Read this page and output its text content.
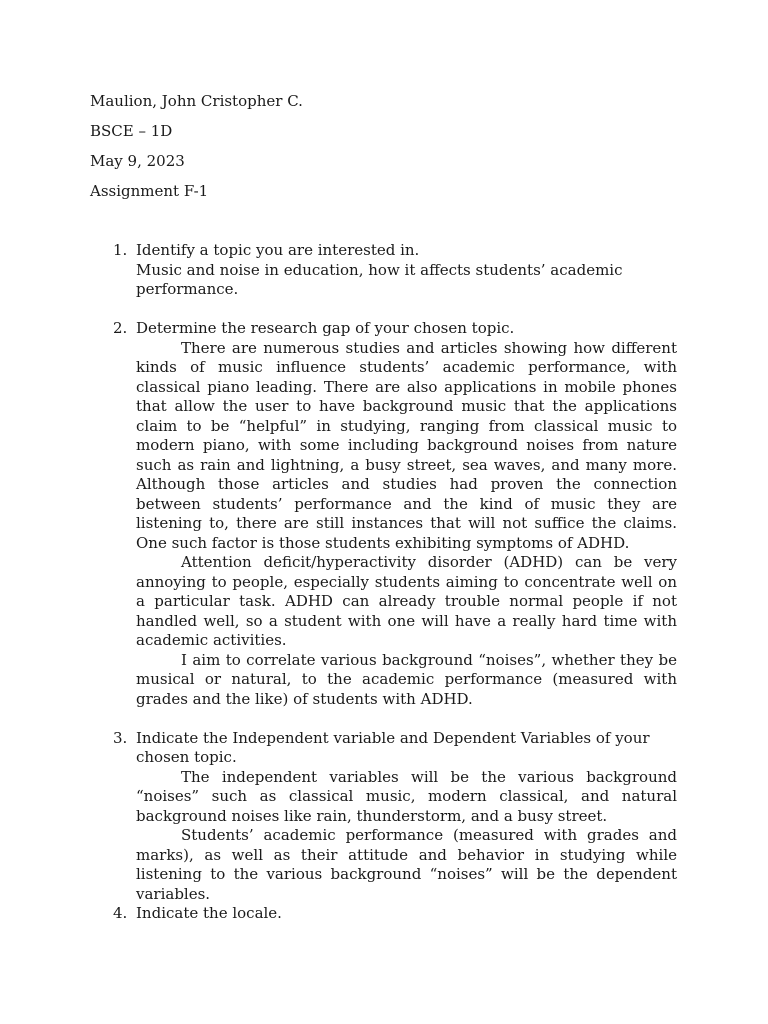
Maulion, John Cristopher C.
BSCE – 1D
May 9, 2023
Assignment F-1
1. Identify a topic you are interested in.
Music and noise in education, how it affects students’ academic performance.
2. Determine the research gap of your chosen topic.

There are numerous studies and articles showing how different kinds of music influence students’ academic performance, with classical piano leading. There are also applications in mobile phones that allow the user to have background music that the applications claim to be “helpful” in studying, ranging from classical music to modern piano, with some including background noises from nature such as rain and lightning, a busy street, sea waves, and many more. Although those articles and studies had proven the connection between students’ performance and the kind of music they are listening to, there are still instances that will not suffice the claims. One such factor is those students exhibiting symptoms of ADHD.

Attention deficit/hyperactivity disorder (ADHD) can be very annoying to people, especially students aiming to concentrate well on a particular task. ADHD can already trouble normal people if not handled well, so a student with one will have a really hard time with academic activities.

I aim to correlate various background “noises”, whether they be musical or natural, to the academic performance (measured with grades and the like) of students with ADHD.

3. Indicate the Independent variable and Dependent Variables of your chosen topic.

The independent variables will be the various background “noises” such as classical music, modern classical, and natural background noises like rain, thunderstorm, and a busy street.

Students’ academic performance (measured with grades and marks), as well as their attitude and behavior in studying while listening to the various background “noises” will be the dependent variables.

4. Indicate the locale.
